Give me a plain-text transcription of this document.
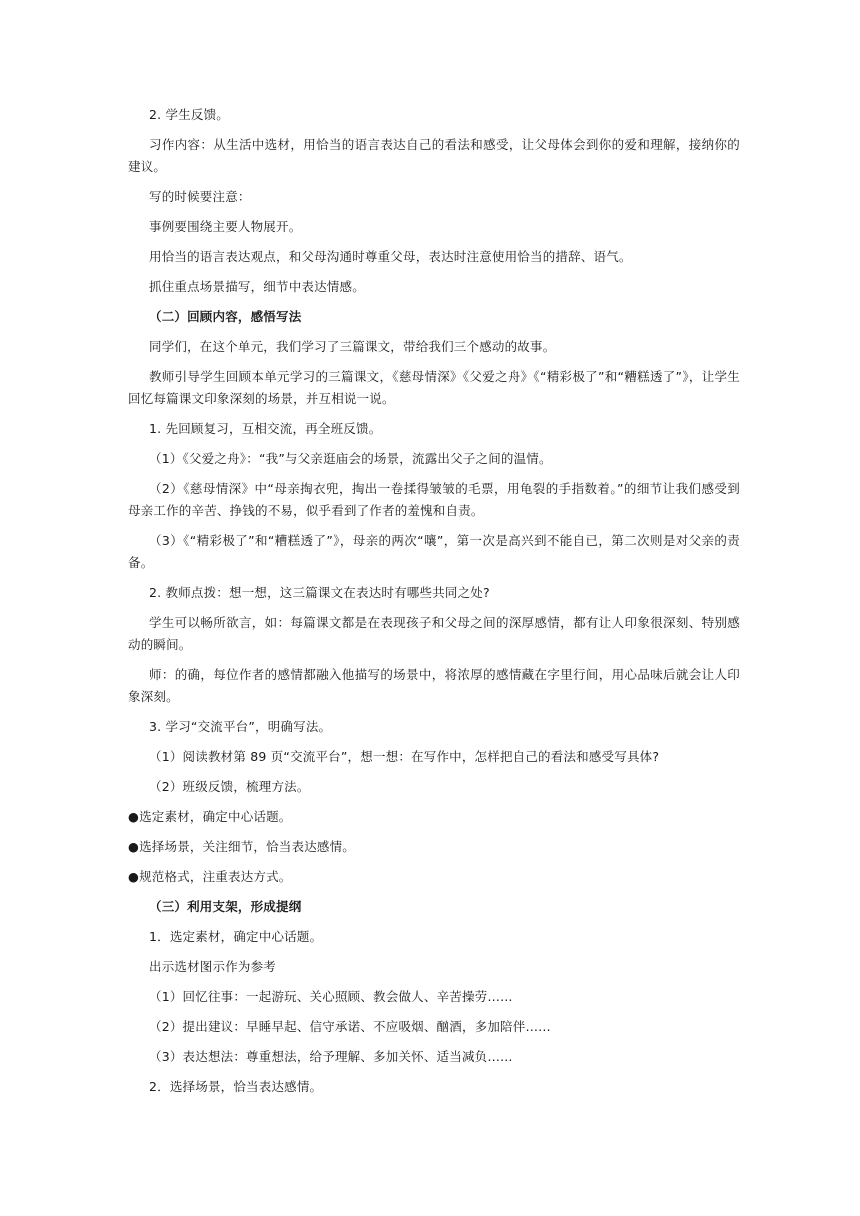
2. 学生反馈。

习作内容：从生活中选材，用恰当的语言表达自己的看法和感受，让父母体会到你的爱和理解，接纳你的建议。

写的时候要注意：

事例要围绕主要人物展开。

用恰当的语言表达观点，和父母沟通时尊重父母，表达时注意使用恰当的措辞、语气。

抓住重点场景描写，细节中表达情感。

（二）回顾内容，感悟写法

同学们，在这个单元，我们学习了三篇课文，带给我们三个感动的故事。

教师引导学生回顾本单元学习的三篇课文，《慈母情深》《父爱之舟》《“精彩极了”和“糟糕透了”》，让学生回忆每篇课文印象深刻的场景，并互相说一说。

1. 先回顾复习，互相交流，再全班反馈。

（1）《父爱之舟》：“我”与父亲逛庙会的场景，流露出父子之间的温情。

（2）《慈母情深》中“母亲掏衣兜，掏出一卷揉得皱皱的毛票，用龟裂的手指数着。”的细节让我们感受到母亲工作的辛苦、挣钱的不易，似乎看到了作者的羞愧和自责。

（3）《“精彩极了”和“糟糕透了”》，母亲的两次“嚷”，第一次是高兴到不能自已，第二次则是对父亲的责备。

2. 教师点拨：想一想，这三篇课文在表达时有哪些共同之处?

学生可以畅所欲言，如：每篇课文都是在表现孩子和父母之间的深厚感情，都有让人印象很深刻、特别感动的瞬间。

师：的确，每位作者的感情都融入他描写的场景中，将浓厚的感情藏在字里行间，用心品味后就会让人印象深刻。

3. 学习“交流平台”，明确写法。

（1）阅读教材第 89 页“交流平台”，想一想：在写作中，怎样把自己的看法和感受写具体?

（2）班级反馈，梳理方法。

●选定素材，确定中心话题。

●选择场景，关注细节，恰当表达感情。

●规范格式，注重表达方式。

（三）利用支架，形成提纲

1．选定素材，确定中心话题。

出示选材图示作为参考

（1）回忆往事：一起游玩、关心照顾、教会做人、辛苦操劳……

（2）提出建议：早睡早起、信守承诺、不应吸烟、酗酒，多加陪伴……

（3）表达想法：尊重想法，给予理解、多加关怀、适当减负……

2．选择场景，恰当表达感情。
